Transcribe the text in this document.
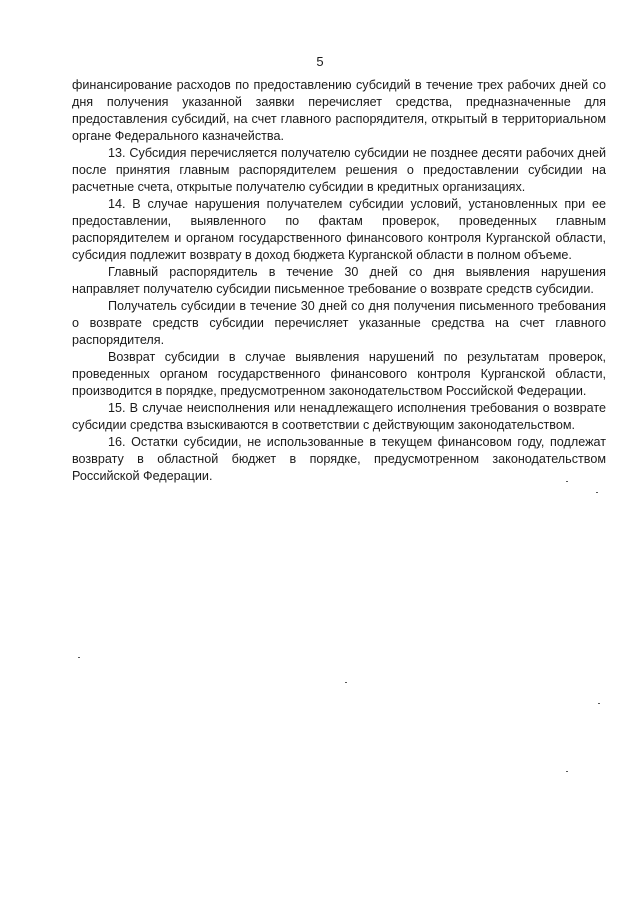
5

финансирование расходов по предоставлению субсидий в течение трех рабочих дней со дня получения указанной заявки перечисляет средства, предназначенные для предоставления субсидий, на счет главного распорядителя, открытый в территориальном органе Федерального казначейства.

13. Субсидия перечисляется получателю субсидии не позднее десяти рабочих дней после принятия главным распорядителем решения о предоставлении субсидии на расчетные счета, открытые получателю субсидии в кредитных организациях.

14. В случае нарушения получателем субсидии условий, установленных при ее предоставлении, выявленного по фактам проверок, проведенных главным распорядителем и органом государственного финансового контроля Курганской области, субсидия подлежит возврату в доход бюджета Курганской области в полном объеме.

Главный распорядитель в течение 30 дней со дня выявления нарушения направляет получателю субсидии письменное требование о возврате средств субсидии.

Получатель субсидии в течение 30 дней со дня получения письменного требования о возврате средств субсидии перечисляет указанные средства на счет главного распорядителя.

Возврат субсидии в случае выявления нарушений по результатам проверок, проведенных органом государственного финансового контроля Курганской области, производится в порядке, предусмотренном законодательством Российской Федерации.

15. В случае неисполнения или ненадлежащего исполнения требования о возврате субсидии средства взыскиваются в соответствии с действующим законодательством.

16. Остатки субсидии, не использованные в текущем финансовом году, подлежат возврату в областной бюджет в порядке, предусмотренном законодательством Российской Федерации.
